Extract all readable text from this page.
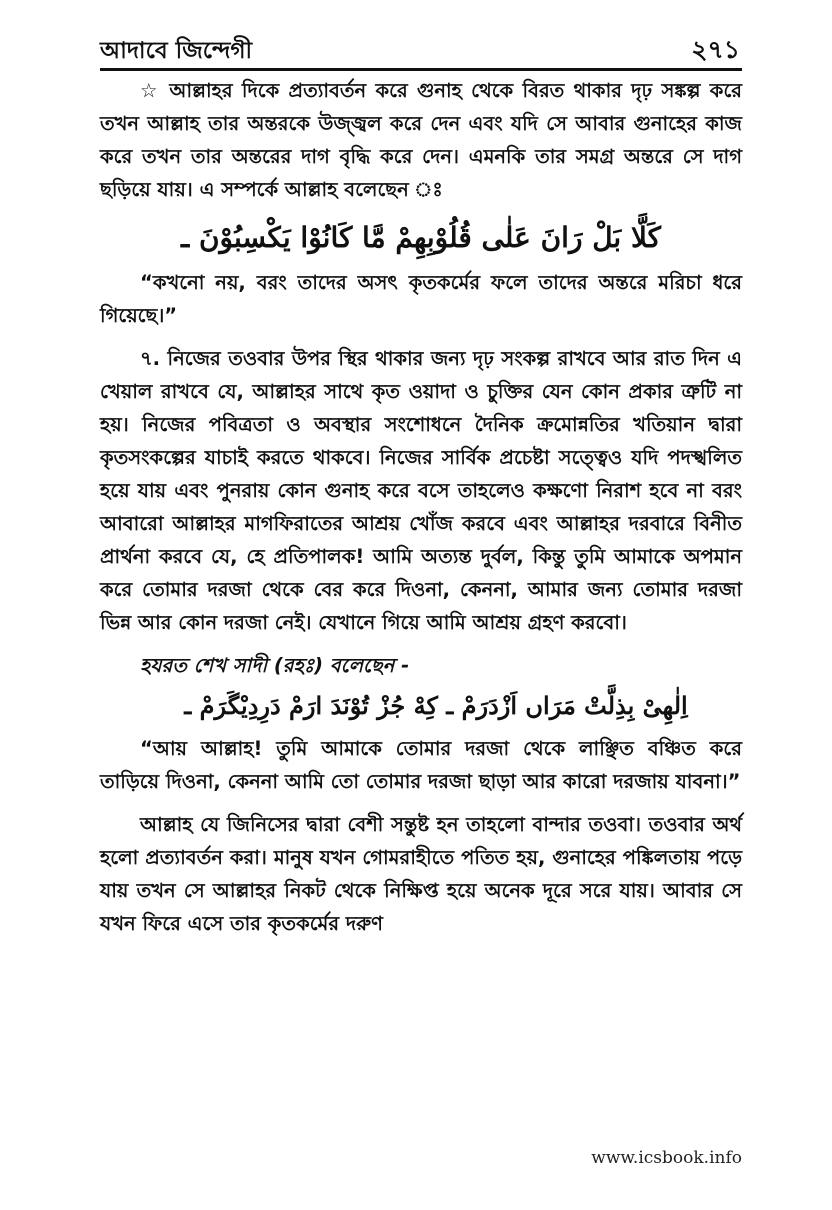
আদাবে জিন্দেগী	২৭১

☆ আল্লাহর দিকে প্রত্যাবর্তন করে গুনাহ থেকে বিরত থাকার দৃঢ় সঙ্কল্প করে তখন আল্লাহ তার অন্তরকে উজ্জ্বল করে দেন এবং যদি সে আবার গুনাহের কাজ করে তখন তার অন্তরের দাগ বৃদ্ধি করে দেন। এমনকি তার সমগ্র অন্তরে সে দাগ ছড়িয়ে যায়। এ সম্পর্কে আল্লাহ বলেছেন ঃ

كَلَّا بَلْ رَانَ عَلٰى قُلُوْبِهِمْ مَّا كَانُوْا يَكْسِبُوْنَ ـ

“কখনো নয়, বরং তাদের অসৎ কৃতকর্মের ফলে তাদের অন্তরে মরিচা ধরে গিয়েছে।”

৭. নিজের তওবার উপর স্থির থাকার জন্য দৃঢ় সংকল্প রাখবে আর রাত দিন এ খেয়াল রাখবে যে, আল্লাহর সাথে কৃত ওয়াদা ও চুক্তির যেন কোন প্রকার ত্রুটি না হয়। নিজের পবিত্রতা ও অবস্থার সংশোধনে দৈনিক ক্রমোন্নতির খতিয়ান দ্বারা কৃতসংকল্পের যাচাই করতে থাকবে। নিজের সার্বিক প্রচেষ্টা সত্ত্বেও যদি পদস্খলিত হয়ে যায় এবং পুনরায় কোন গুনাহ করে বসে তাহলেও কক্ষণো নিরাশ হবে না বরং আবারো আল্লাহর মাগফিরাতের আশ্রয় খোঁজ করবে এবং আল্লাহর দরবারে বিনীত প্রার্থনা করবে যে, হে প্রতিপালক! আমি অত্যন্ত দুর্বল, কিন্তু তুমি আমাকে অপমান করে তোমার দরজা থেকে বের করে দিওনা, কেননা, আমার জন্য তোমার দরজা ভিন্ন আর কোন দরজা নেই। যেখানে গিয়ে আমি আশ্রয় গ্রহণ করবো।

হযরত শেখ সাদী (রহঃ) বলেছেন -

اِلٰهِىْ بِذِلَّتْ مَرَاں اَزْدَرَمْ ـ كِهْ جُزْ تُوْنَدَ ارَمْ دَرِدِيْگَرَمْ ـ

“আয় আল্লাহ! তুমি আমাকে তোমার দরজা থেকে লাঞ্ছিত বঞ্চিত করে তাড়িয়ে দিওনা, কেননা আমি তো তোমার দরজা ছাড়া আর কারো দরজায় যাবনা।”

আল্লাহ যে জিনিসের দ্বারা বেশী সন্তুষ্ট হন তাহলো বান্দার তওবা। তওবার অর্থ হলো প্রত্যাবর্তন করা। মানুষ যখন গোমরাহীতে পতিত হয়, গুনাহের পঙ্কিলতায় পড়ে যায় তখন সে আল্লাহর নিকট থেকে নিক্ষিপ্ত হয়ে অনেক দূরে সরে যায়। আবার সে যখন ফিরে এসে তার কৃতকর্মের দরুণ

www.icsbook.info
